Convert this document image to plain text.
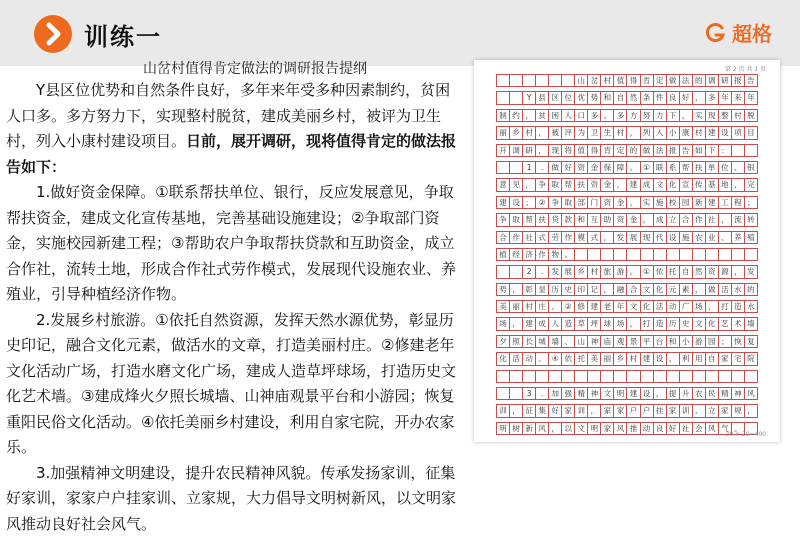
训练一	超格
山岔村值得肯定做法的调研报告提纲

Y县区位优势和自然条件良好，多年来年受多种因素制约，贫困人口多。多方努力下，实现整村脱贫，建成美丽乡村，被评为卫生村，列入小康村建设项目。日前，展开调研，现将值得肯定的做法报告如下：

1.做好资金保障。①联系帮扶单位、银行，反应发展意见，争取帮扶资金，建成文化宣传基地，完善基础设施建设；②争取部门资金，实施校园新建工程；③帮助农户争取帮扶贷款和互助资金，成立合作社，流转土地，形成合作社式劳作模式，发展现代设施农业、养殖业，引导种植经济作物。

2.发展乡村旅游。①依托自然资源，发挥天然水源优势，彰显历史印记，融合文化元素，做活水的文章，打造美丽村庄。②修建老年文化活动广场，打造水磨文化广场，建成人造草坪球场，打造历史文化艺术墙。③建成烽火夕照长城墙、山神庙观景平台和小游园；恢复重阳民俗文化活动。④依托美丽乡村建设，利用自家宅院，开办农家乐。

3.加强精神文明建设，提升农民精神风貌。传承发扬家训，征集好家训，家家户户挂家训、立家规，大力倡导文明树新风，以文明家风推动良好社会风气。

第 2 页 共 1 页
山 岔 村 值 得 肯 定 做 法 的 调 研 报 告
Y 县 区 位 优 势 和 自 然 条 件 良 好 ， 多 年 来 年
制 约 ， 贫 困 人 口 多 。 多 方 努 力 下 ， 实 现 整 村 脱
丽 乡 村 ， 被 评 为 卫 生 村 ， 列 入 小 康 村 建 设 项 目
开 调 研 ， 现 将 值 得 肯 定 的 做 法 报 告 如 下 ：
1	.	做 好 资 金 保 障 。 ① 联 系 帮 扶 单 位 、 银
意 见 ， 争 取 帮 扶 资 金 ， 建 成 文 化 宣 传 基 地 ， 完
建 设 ； ② 争 取 部 门 资 金 ， 实 施 校 园 新 建 工 程 ；
争 取 帮 扶 贷 款 和 互 助 资 金 ， 成 立 合 作 社 ， 流 转
合 作 社 式 劳 作 模 式 ， 发 展 现 代 设 施 农 业 、 养 殖
植 经 济 作 物 。
2	.	发 展 乡 村 旅 游 。 ① 依 托 自 然 资 源 ， 发
势 ， 彰 显 历 史 印 记 ， 融 合 文 化 元 素 ， 做 活 水 的
美 丽 村 庄 。 ② 修 建 老 年 文 化 活 动 广 场 ， 打 造 水
场 ， 建 成 人 造 草 坪 球 场 ， 打 造 历 史 文 化 艺 术 墙
夕 照 长 城 墙 、 山 神 庙 观 景 平 台 和 小 游 园 ； 恢 复
化 活 动 。 ④ 依 托 美 丽 乡 村 建 设 ， 利 用 自 家 宅 院
3	.	加 强 精 神 文 明 建 设 ， 提 升 农 民 精 神 风
训 ， 征 集 好 家 训 ， 家 家 户 户 挂 家 训 、 立 家 规 ，
明 树 新 风 ， 以 文 明 家 风 推 动 良 好 社 会 风 气 。
20 × 20=400
